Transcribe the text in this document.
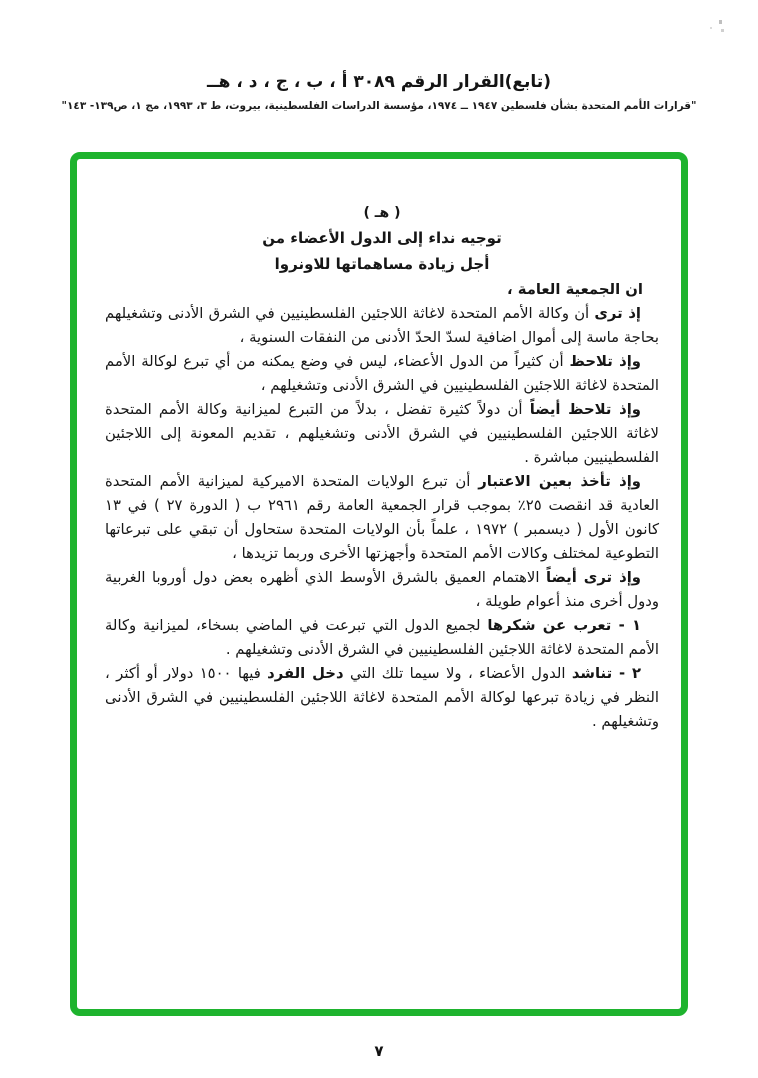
(تابع)القرار الرقم ٣٠٨٩ أ ، ب ، ج ، د ، هــ
"قرارات الأمم المتحدة بشأن فلسطين ١٩٤٧ ــ ١٩٧٤، مؤسسة الدراسات الفلسطينية، بيروت، ط ٣، ١٩٩٣، مج ١، ص١٣٩- ١٤٣"
( هـ )
توجيه نداء إلى الدول الأعضاء من
أجل زيادة مساهماتها للاونروا

ان الجمعية العامة ،

إذ ترى أن وكالة الأمم المتحدة لاغاثة اللاجئين الفلسطينيين في الشرق الأدنى وتشغيلهم بحاجة ماسة إلى أموال اضافية لسدّ الحدّ الأدنى من النفقات السنوية ،

وإذ تلاحظ أن كثيراً من الدول الأعضاء، ليس في وضع يمكنه من أي تبرع لوكالة الأمم المتحدة لاغاثة اللاجئين الفلسطينيين في الشرق الأدنى وتشغيلهم ،

وإذ تلاحظ أيضاً أن دولاً كثيرة تفضل ، بدلاً من التبرع لميزانية وكالة الأمم المتحدة لاغاثة اللاجئين الفلسطينيين في الشرق الأدنى وتشغيلهم ، تقديم المعونة إلى اللاجئين الفلسطينيين مباشرة .

وإذ تأخذ بعين الاعتبار أن تبرع الولايات المتحدة الاميركية لميزانية الأمم المتحدة العادية قد انقصت ٢٥٪ بموجب قرار الجمعية العامة رقم ٢٩٦١ ب ( الدورة ٢٧ ) في ١٣ كانون الأول ( ديسمبر ) ١٩٧٢ ، علماً بأن الولايات المتحدة ستحاول أن تبقي على تبرعاتها التطوعية لمختلف وكالات الأمم المتحدة وأجهزتها الأخرى وربما تزيدها ،

وإذ ترى أيضاً الاهتمام العميق بالشرق الأوسط الذي أظهره بعض دول أوروبا الغربية ودول أخرى منذ أعوام طويلة ،

١ - تعرب عن شكرها لجميع الدول التي تبرعت في الماضي بسخاء، لميزانية وكالة الأمم المتحدة لاغاثة اللاجئين الفلسطينيين في الشرق الأدنى وتشغيلهم .

٢ - تناشد الدول الأعضاء ، ولا سيما تلك التي دخل الفرد فيها ١٥٠٠ دولار أو أكثر ، النظر في زيادة تبرعها لوكالة الأمم المتحدة لاغاثة اللاجئين الفلسطينيين في الشرق الأدنى وتشغيلهم .

٧
